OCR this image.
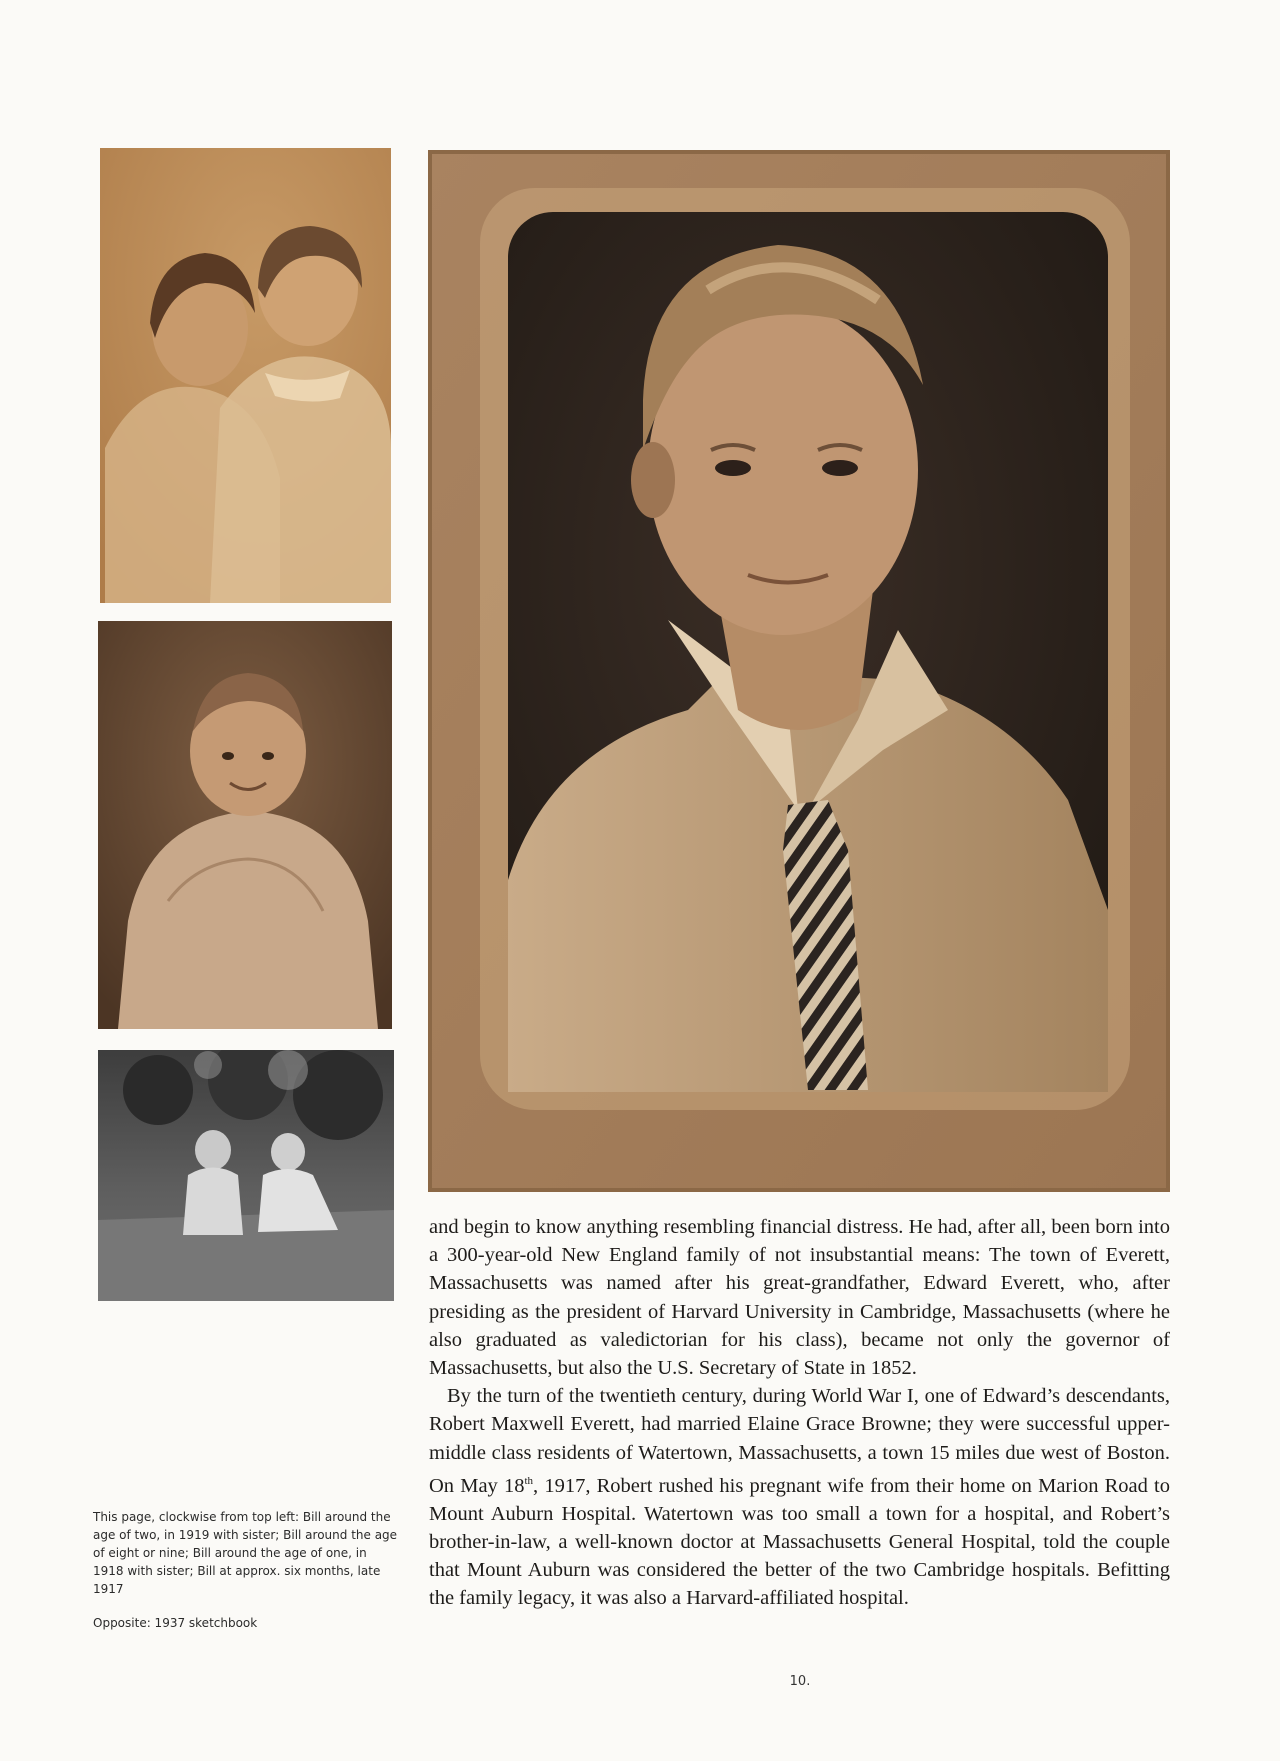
This page, clockwise from top left: Bill around the age of two, in 1919 with sister; Bill around the age of eight or nine; Bill around the age of one, in 1918 with sister; Bill at approx. six months, late 1917
Opposite: 1937 sketchbook

and begin to know anything resembling financial distress. He had, after all, been born into a 300-year-old New England family of not insubstantial means: The town of Everett, Massachusetts was named after his great-grandfather, Edward Everett, who, after presiding as the president of Harvard University in Cambridge, Massachusetts (where he also graduated as valedictorian for his class), became not only the governor of Massachusetts, but also the U.S. Secretary of State in 1852.

By the turn of the twentieth century, during World War I, one of Edward’s descendants, Robert Maxwell Everett, had married Elaine Grace Browne; they were successful upper-middle class residents of Watertown, Massachusetts, a town 15 miles due west of Boston. On May 18th, 1917, Robert rushed his pregnant wife from their home on Marion Road to Mount Auburn Hospital. Watertown was too small a town for a hospital, and Robert’s brother-in-law, a well-known doctor at Massachusetts General Hospital, told the couple that Mount Auburn was considered the better of the two Cambridge hospitals. Befitting the family legacy, it was also a Harvard-affiliated hospital.

10.
